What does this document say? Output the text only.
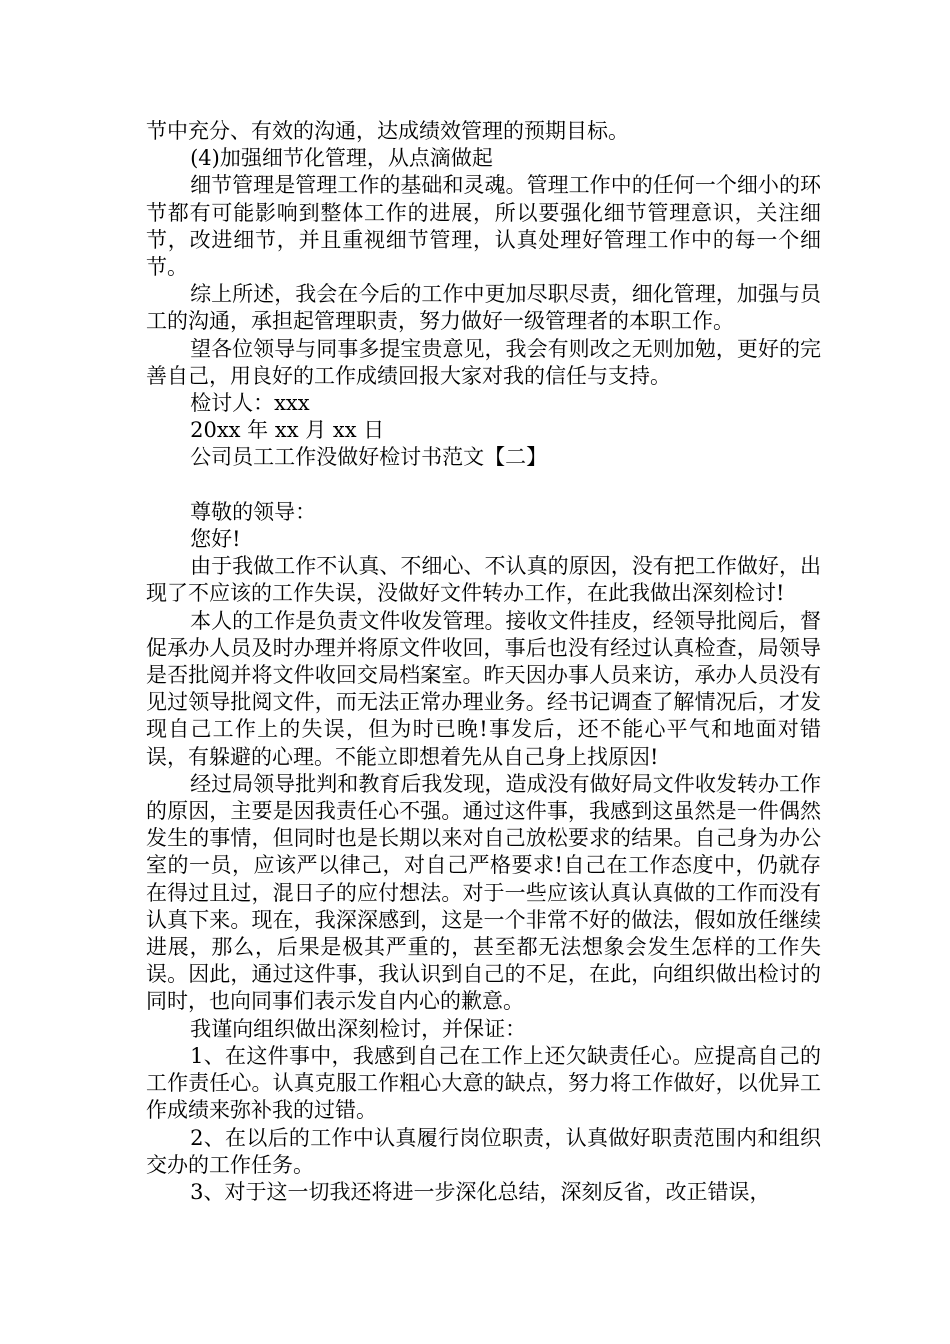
节中充分、有效的沟通，达成绩效管理的预期目标。

(4)加强细节化管理，从点滴做起

细节管理是管理工作的基础和灵魂。管理工作中的任何一个细小的环节都有可能影响到整体工作的进展，所以要强化细节管理意识，关注细节，改进细节，并且重视细节管理，认真处理好管理工作中的每一个细节。

综上所述，我会在今后的工作中更加尽职尽责，细化管理，加强与员工的沟通，承担起管理职责，努力做好一级管理者的本职工作。

望各位领导与同事多提宝贵意见，我会有则改之无则加勉，更好的完善自己，用良好的工作成绩回报大家对我的信任与支持。

检讨人：xxx

20xx 年 xx 月 xx 日

公司员工工作没做好检讨书范文【二】

尊敬的领导：

您好!

由于我做工作不认真、不细心、不认真的原因，没有把工作做好，出现了不应该的工作失误，没做好文件转办工作，在此我做出深刻检讨!

本人的工作是负责文件收发管理。接收文件挂皮，经领导批阅后，督促承办人员及时办理并将原文件收回，事后也没有经过认真检查，局领导是否批阅并将文件收回交局档案室。昨天因办事人员来访，承办人员没有见过领导批阅文件，而无法正常办理业务。经书记调查了解情况后，才发现自己工作上的失误，但为时已晚!事发后，还不能心平气和地面对错误，有躲避的心理。不能立即想着先从自己身上找原因!

经过局领导批判和教育后我发现，造成没有做好局文件收发转办工作的原因，主要是因我责任心不强。通过这件事，我感到这虽然是一件偶然发生的事情，但同时也是长期以来对自己放松要求的结果。自己身为办公室的一员，应该严以律己，对自己严格要求!自己在工作态度中，仍就存在得过且过，混日子的应付想法。对于一些应该认真认真做的工作而没有认真下来。现在，我深深感到，这是一个非常不好的做法，假如放任继续进展，那么，后果是极其严重的，甚至都无法想象会发生怎样的工作失误。因此，通过这件事，我认识到自己的不足，在此，向组织做出检讨的同时，也向同事们表示发自内心的歉意。

我谨向组织做出深刻检讨，并保证：

1、在这件事中，我感到自己在工作上还欠缺责任心。应提高自己的工作责任心。认真克服工作粗心大意的缺点，努力将工作做好，以优异工作成绩来弥补我的过错。

2、在以后的工作中认真履行岗位职责，认真做好职责范围内和组织交办的工作任务。

3、对于这一切我还将进一步深化总结，深刻反省，改正错误，
